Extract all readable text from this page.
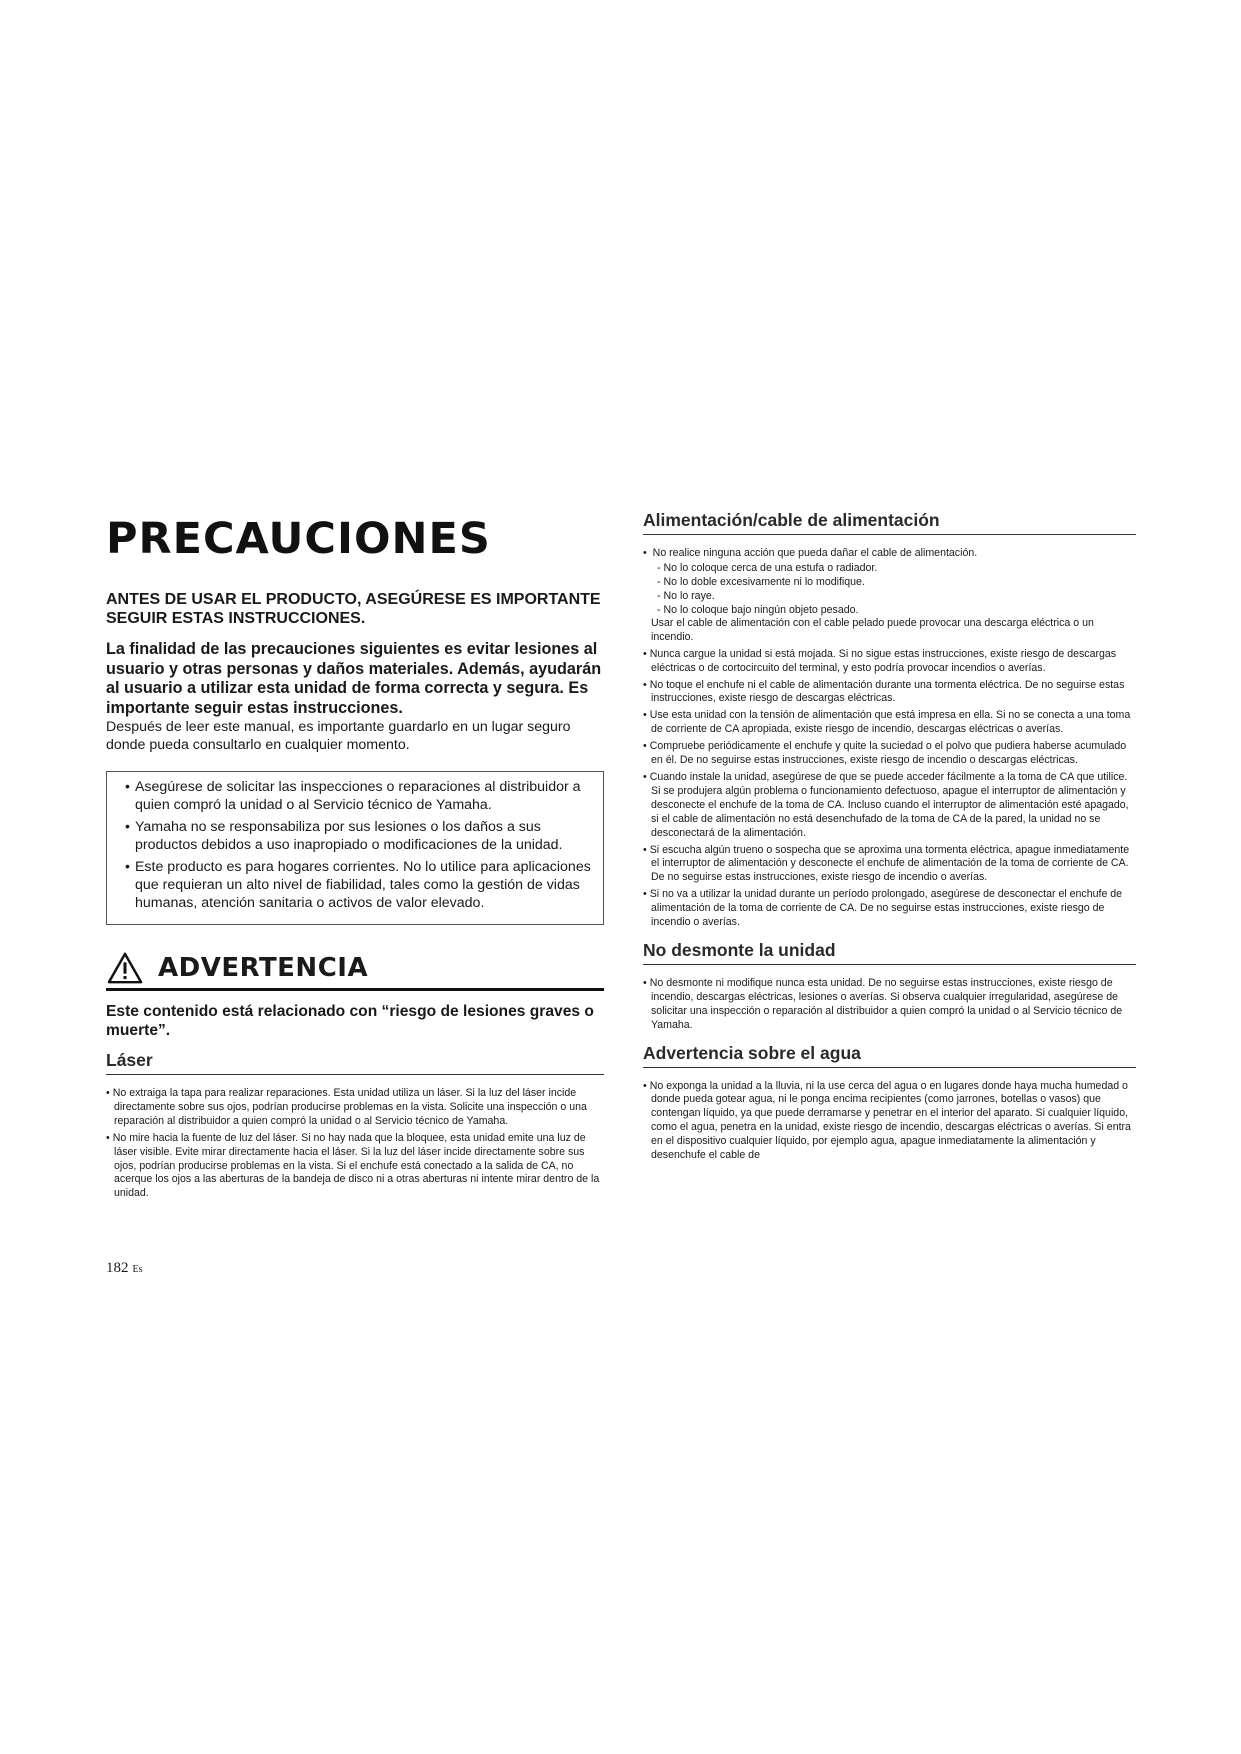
PRECAUCIONES

ANTES DE USAR EL PRODUCTO, ASEGÚRESE ES IMPORTANTE SEGUIR ESTAS INSTRUCCIONES.

La finalidad de las precauciones siguientes es evitar lesiones al usuario y otras personas y daños materiales. Además, ayudarán al usuario a utilizar esta unidad de forma correcta y segura. Es importante seguir estas instrucciones.

Después de leer este manual, es importante guardarlo en un lugar seguro donde pueda consultarlo en cualquier momento.

• Asegúrese de solicitar las inspecciones o reparaciones al distribuidor a quien compró la unidad o al Servicio técnico de Yamaha.
• Yamaha no se responsabiliza por sus lesiones o los daños a sus productos debidos a uso inapropiado o modificaciones de la unidad.
• Este producto es para hogares corrientes. No lo utilice para aplicaciones que requieran un alto nivel de fiabilidad, tales como la gestión de vidas humanas, atención sanitaria o activos de valor elevado.
ADVERTENCIA

Este contenido está relacionado con “riesgo de lesiones graves o muerte”.

Láser
• No extraiga la tapa para realizar reparaciones. Esta unidad utiliza un láser. Si la luz del láser incide directamente sobre sus ojos, podrían producirse problemas en la vista. Solicite una inspección o una reparación al distribuidor a quien compró la unidad o al Servicio técnico de Yamaha.
• No mire hacia la fuente de luz del láser. Si no hay nada que la bloquee, esta unidad emite una luz de láser visible. Evite mirar directamente hacia el láser. Si la luz del láser incide directamente sobre sus ojos, podrían producirse problemas en la vista. Si el enchufe está conectado a la salida de CA, no acerque los ojos a las aberturas de la bandeja de disco ni a otras aberturas ni intente mirar dentro de la unidad.
Alimentación/cable de alimentación
• No realice ninguna acción que pueda dañar el cable de alimentación.
- No lo coloque cerca de una estufa o radiador.
- No lo doble excesivamente ni lo modifique.
- No lo raye.
- No lo coloque bajo ningún objeto pesado.
Usar el cable de alimentación con el cable pelado puede provocar una descarga eléctrica o un incendio.
• Nunca cargue la unidad si está mojada. Si no sigue estas instrucciones, existe riesgo de descargas eléctricas o de cortocircuito del terminal, y esto podría provocar incendios o averías.
• No toque el enchufe ni el cable de alimentación durante una tormenta eléctrica. De no seguirse estas instrucciones, existe riesgo de descargas eléctricas.
• Use esta unidad con la tensión de alimentación que está impresa en ella. Si no se conecta a una toma de corriente de CA apropiada, existe riesgo de incendio, descargas eléctricas o averías.
• Compruebe periódicamente el enchufe y quite la suciedad o el polvo que pudiera haberse acumulado en él. De no seguirse estas instrucciones, existe riesgo de incendio o descargas eléctricas.
• Cuando instale la unidad, asegúrese de que se puede acceder fácilmente a la toma de CA que utilice. Si se produjera algún problema o funcionamiento defectuoso, apague el interruptor de alimentación y desconecte el enchufe de la toma de CA. Incluso cuando el interruptor de alimentación esté apagado, si el cable de alimentación no está desenchufado de la toma de CA de la pared, la unidad no se desconectará de la alimentación.
• Si escucha algún trueno o sospecha que se aproxima una tormenta eléctrica, apague inmediatamente el interruptor de alimentación y desconecte el enchufe de alimentación de la toma de corriente de CA. De no seguirse estas instrucciones, existe riesgo de incendio o averías.
• Si no va a utilizar la unidad durante un período prolongado, asegúrese de desconectar el enchufe de alimentación de la toma de corriente de CA. De no seguirse estas instrucciones, existe riesgo de incendio o averías.
No desmonte la unidad
• No desmonte ni modifique nunca esta unidad. De no seguirse estas instrucciones, existe riesgo de incendio, descargas eléctricas, lesiones o averías. Si observa cualquier irregularidad, asegúrese de solicitar una inspección o reparación al distribuidor a quien compró la unidad o al Servicio técnico de Yamaha.
Advertencia sobre el agua
• No exponga la unidad a la lluvia, ni la use cerca del agua o en lugares donde haya mucha humedad o donde pueda gotear agua, ni le ponga encima recipientes (como jarrones, botellas o vasos) que contengan líquido, ya que puede derramarse y penetrar en el interior del aparato. Si cualquier líquido, como el agua, penetra en la unidad, existe riesgo de incendio, descargas eléctricas o averías. Si entra en el dispositivo cualquier líquido, por ejemplo agua, apague inmediatamente la alimentación y desenchufe el cable de
182 Es
